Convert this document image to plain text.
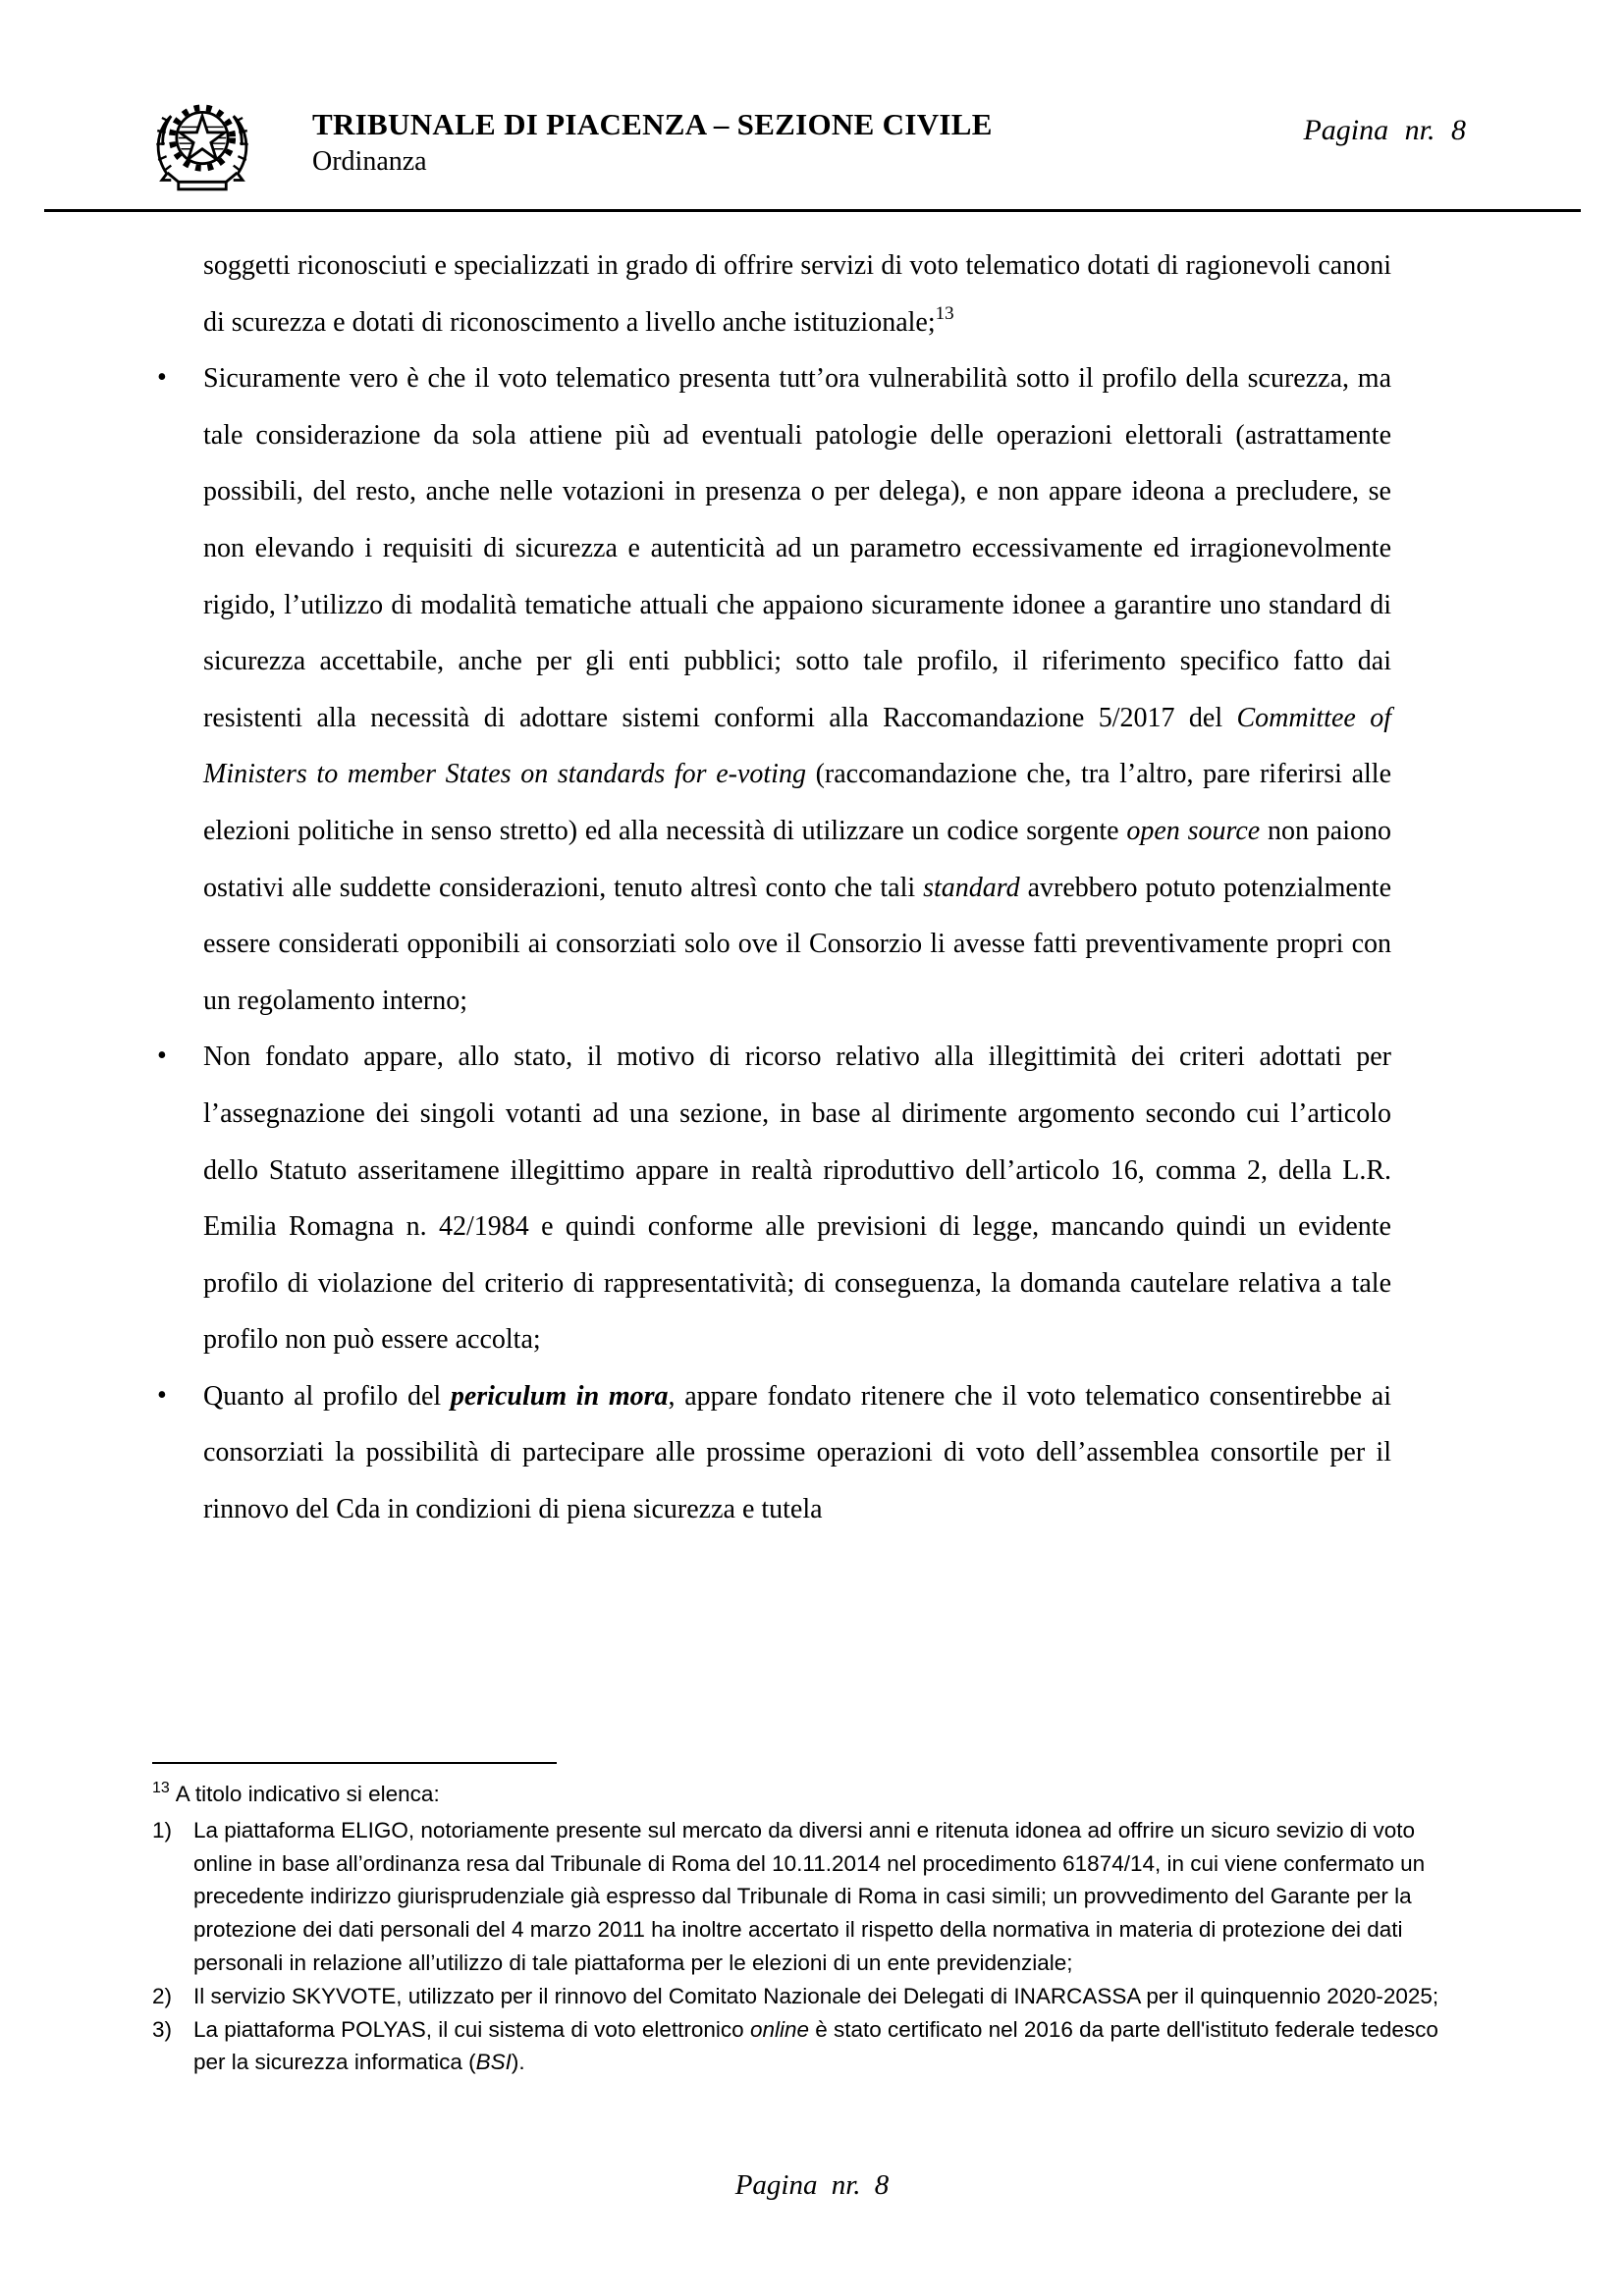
TRIBUNALE DI PIACENZA – SEZIONE CIVILE
Ordinanza
Pagina nr. 8
soggetti riconosciuti e specializzati in grado di offrire servizi di voto telematico dotati di ragionevoli canoni di scurezza e dotati di riconoscimento a livello anche istituzionale;$^{13}$
• Sicuramente vero è che il voto telematico presenta tutt’ora vulnerabilità sotto il profilo della scurezza, ma tale considerazione da sola attiene più ad eventuali patologie delle operazioni elettorali (astrattamente possibili, del resto, anche nelle votazioni in presenza o per delega), e non appare ideona a precludere, se non elevando i requisiti di sicurezza e autenticità ad un parametro eccessivamente ed irragionevolmente rigido, l’utilizzo di modalità tematiche attuali che appaiono sicuramente idonee a garantire uno standard di sicurezza accettabile, anche per gli enti pubblici; sotto tale profilo, il riferimento specifico fatto dai resistenti alla necessità di adottare sistemi conformi alla Raccomandazione 5/2017 del Committee of Ministers to member States on standards for e-voting (raccomandazione che, tra l’altro, pare riferirsi alle elezioni politiche in senso stretto) ed alla necessità di utilizzare un codice sorgente open source non paiono ostativi alle suddette considerazioni, tenuto altresì conto che tali standard avrebbero potuto potenzialmente essere considerati opponibili ai consorziati solo ove il Consorzio li avesse fatti preventivamente propri con un regolamento interno;
• Non fondato appare, allo stato, il motivo di ricorso relativo alla illegittimità dei criteri adottati per l’assegnazione dei singoli votanti ad una sezione, in base al dirimente argomento secondo cui l’articolo dello Statuto asseritamene illegittimo appare in realtà riproduttivo dell’articolo 16, comma 2, della L.R. Emilia Romagna n. 42/1984 e quindi conforme alle previsioni di legge, mancando quindi un evidente profilo di violazione del criterio di rappresentatività; di conseguenza, la domanda cautelare relativa a tale profilo non può essere accolta;
• Quanto al profilo del periculum in mora, appare fondato ritenere che il voto telematico consentirebbe ai consorziati la possibilità di partecipare alle prossime operazioni di voto dell’assemblea consortile per il rinnovo del Cda in condizioni di piena sicurezza e tutela

$^{13}$ A titolo indicativo si elenca:

1) La piattaforma ELIGO, notoriamente presente sul mercato da diversi anni e ritenuta idonea ad offrire un sicuro sevizio di voto online in base all’ordinanza resa dal Tribunale di Roma del 10.11.2014 nel procedimento 61874/14, in cui viene confermato un precedente indirizzo giurisprudenziale già espresso dal Tribunale di Roma in casi simili; un provvedimento del Garante per la protezione dei dati personali del 4 marzo 2011 ha inoltre accertato il rispetto della normativa in materia di protezione dei dati personali in relazione all’utilizzo di tale piattaforma per le elezioni di un ente previdenziale;
2) Il servizio SKYVOTE, utilizzato per il rinnovo del Comitato Nazionale dei Delegati di INARCASSA per il quinquennio 2020-2025;
3) La piattaforma POLYAS, il cui sistema di voto elettronico online è stato certificato nel 2016 da parte dell'istituto federale tedesco per la sicurezza informatica (BSI).
Pagina nr. 8
